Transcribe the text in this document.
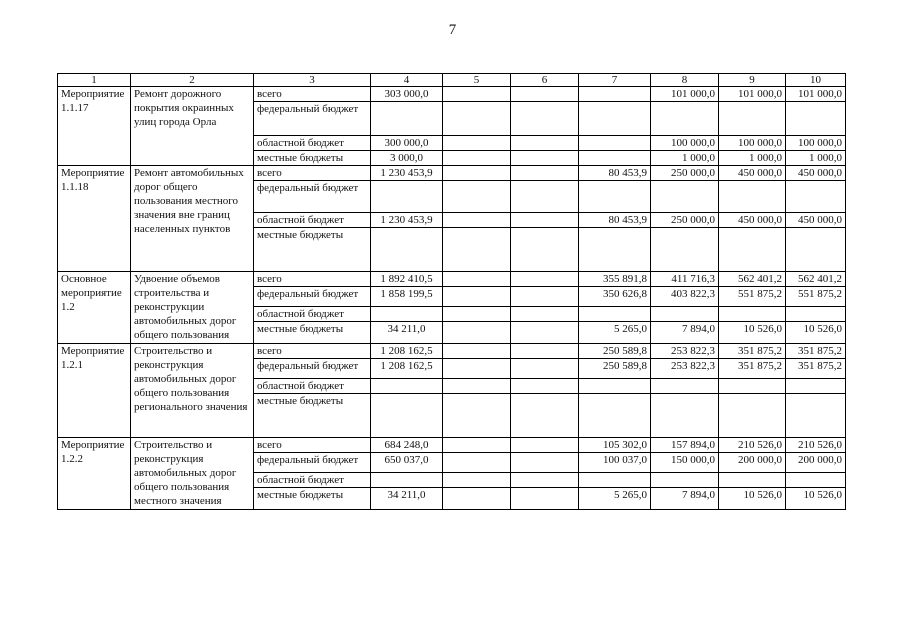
7
1	2	3	4	5	6	7	8	9	10
Мероприятие 1.1.17	Ремонт дорожного покрытия окраинных улиц города Орла	всего	303 000,0				101 000,0	101 000,0	101 000,0
		федеральный бюджет							
		областной бюджет	300 000,0				100 000,0	100 000,0	100 000,0
		местные бюджеты	3 000,0				1 000,0	1 000,0	1 000,0
Мероприятие 1.1.18	Ремонт автомобильных дорог общего пользования местного значения вне границ населенных пунктов	всего	1 230 453,9			80 453,9	250 000,0	450 000,0	450 000,0
		федеральный бюджет							
		областной бюджет	1 230 453,9			80 453,9	250 000,0	450 000,0	450 000,0
		местные бюджеты							
Основное мероприятие 1.2	Удвоение объемов строительства и реконструкции автомобильных дорог общего пользования	всего	1 892 410,5			355 891,8	411 716,3	562 401,2	562 401,2
		федеральный бюджет	1 858 199,5			350 626,8	403 822,3	551 875,2	551 875,2
		областной бюджет							
		местные бюджеты	34 211,0			5 265,0	7 894,0	10 526,0	10 526,0
Мероприятие 1.2.1	Строительство и реконструкция автомобильных дорог общего пользования регионального значения	всего	1 208 162,5			250 589,8	253 822,3	351 875,2	351 875,2
		федеральный бюджет	1 208 162,5			250 589,8	253 822,3	351 875,2	351 875,2
		областной бюджет							
		местные бюджеты							
Мероприятие 1.2.2	Строительство и реконструкция автомобильных дорог общего пользования местного значения	всего	684 248,0			105 302,0	157 894,0	210 526,0	210 526,0
		федеральный бюджет	650 037,0			100 037,0	150 000,0	200 000,0	200 000,0
		областной бюджет							
		местные бюджеты	34 211,0			5 265,0	7 894,0	10 526,0	10 526,0
